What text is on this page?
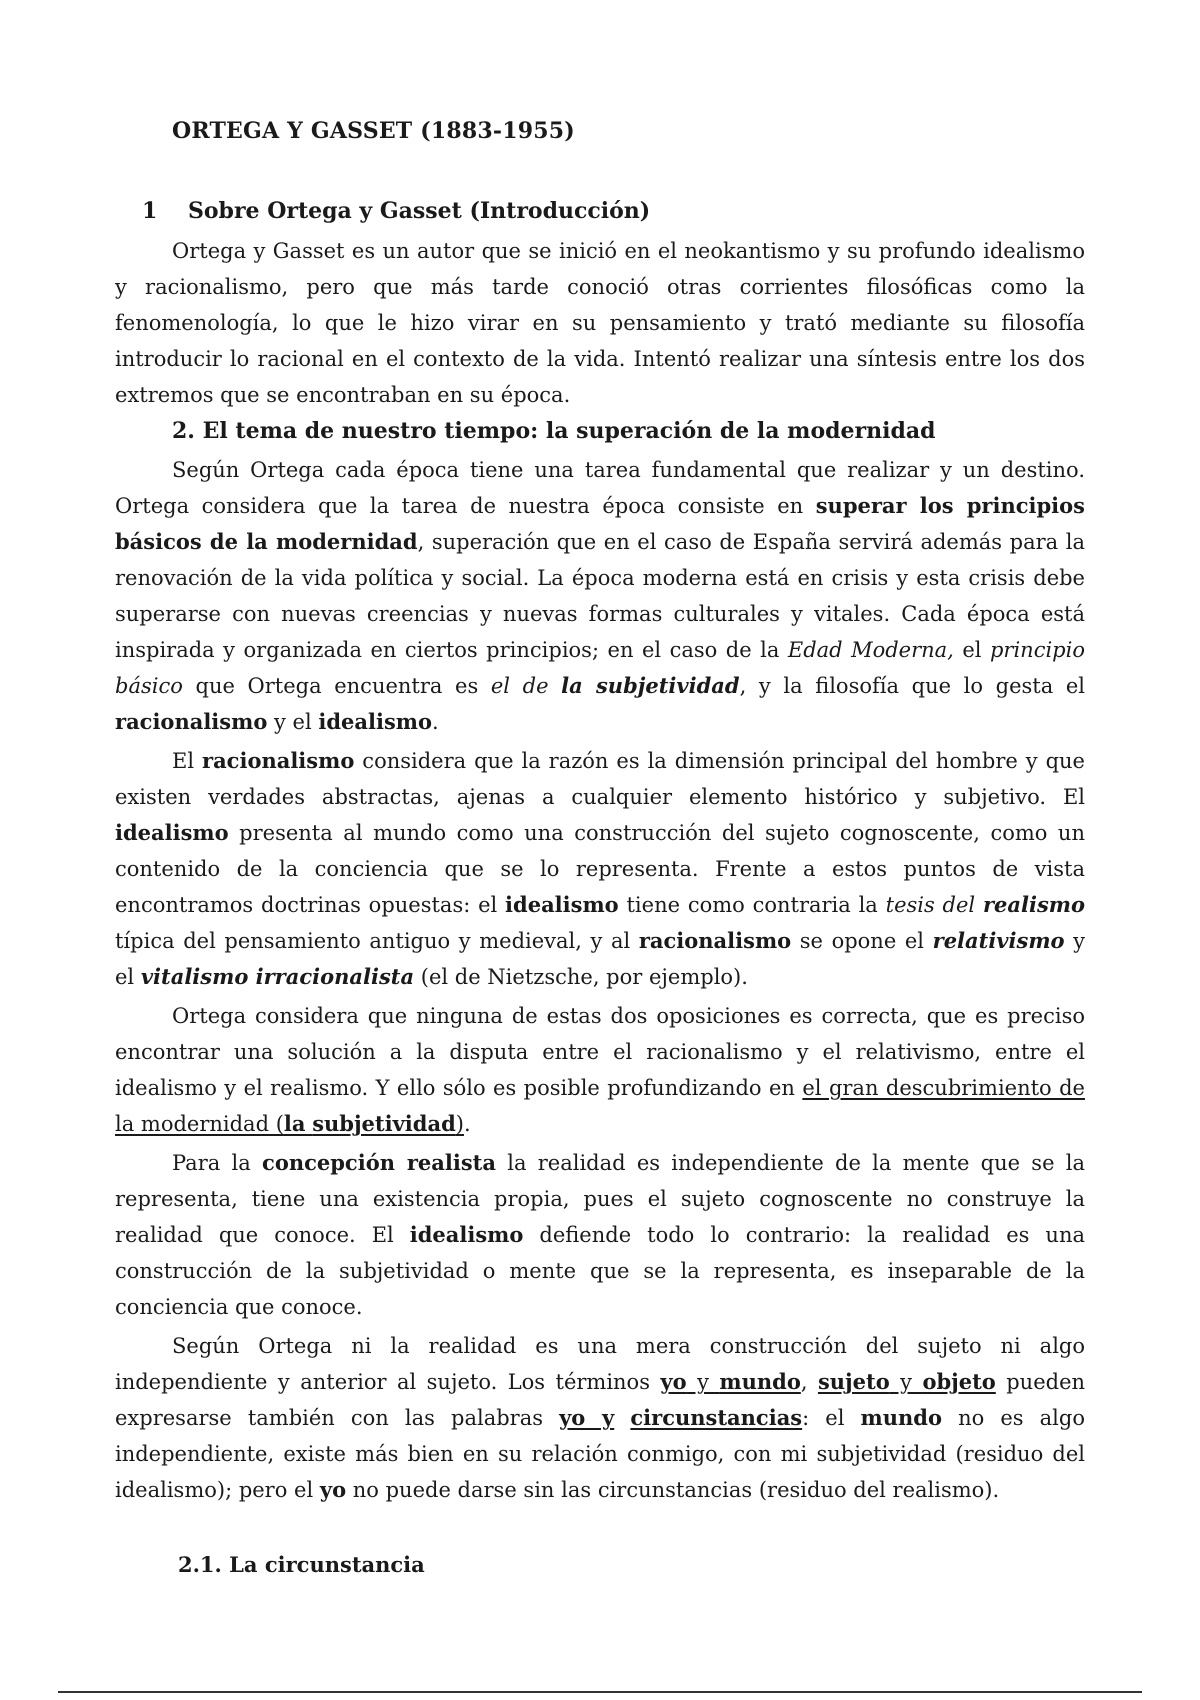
ORTEGA Y GASSET (1883-1955)
1 Sobre Ortega y Gasset (Introducción)

Ortega y Gasset es un autor que se inició en el neokantismo y su profundo idealismo y racionalismo, pero que más tarde conoció otras corrientes filosóficas como la fenomenología, lo que le hizo virar en su pensamiento y trató mediante su filosofía introducir lo racional en el contexto de la vida. Intentó realizar una síntesis entre los dos extremos que se encontraban en su época.

2. El tema de nuestro tiempo: la superación de la modernidad

Según Ortega cada época tiene una tarea fundamental que realizar y un destino. Ortega considera que la tarea de nuestra época consiste en superar los principios básicos de la modernidad, superación que en el caso de España servirá además para la renovación de la vida política y social. La época moderna está en crisis y esta crisis debe superarse con nuevas creencias y nuevas formas culturales y vitales. Cada época está inspirada y organizada en ciertos principios; en el caso de la Edad Moderna, el principio básico que Ortega encuentra es el de la subjetividad, y la filosofía que lo gesta el racionalismo y el idealismo.

El racionalismo considera que la razón es la dimensión principal del hombre y que existen verdades abstractas, ajenas a cualquier elemento histórico y subjetivo. El idealismo presenta al mundo como una construcción del sujeto cognoscente, como un contenido de la conciencia que se lo representa. Frente a estos puntos de vista encontramos doctrinas opuestas: el idealismo tiene como contraria la tesis del realismo típica del pensamiento antiguo y medieval, y al racionalismo se opone el relativismo y el vitalismo irracionalista (el de Nietzsche, por ejemplo).

Ortega considera que ninguna de estas dos oposiciones es correcta, que es preciso encontrar una solución a la disputa entre el racionalismo y el relativismo, entre el idealismo y el realismo. Y ello sólo es posible profundizando en el gran descubrimiento de la modernidad (la subjetividad).

Para la concepción realista la realidad es independiente de la mente que se la representa, tiene una existencia propia, pues el sujeto cognoscente no construye la realidad que conoce. El idealismo defiende todo lo contrario: la realidad es una construcción de la subjetividad o mente que se la representa, es inseparable de la conciencia que conoce.

Según Ortega ni la realidad es una mera construcción del sujeto ni algo independiente y anterior al sujeto. Los términos yo y mundo, sujeto y objeto pueden expresarse también con las palabras yo y circunstancias: el mundo no es algo independiente, existe más bien en su relación conmigo, con mi subjetividad (residuo del idealismo); pero el yo no puede darse sin las circunstancias (residuo del realismo).

2.1. La circunstancia
